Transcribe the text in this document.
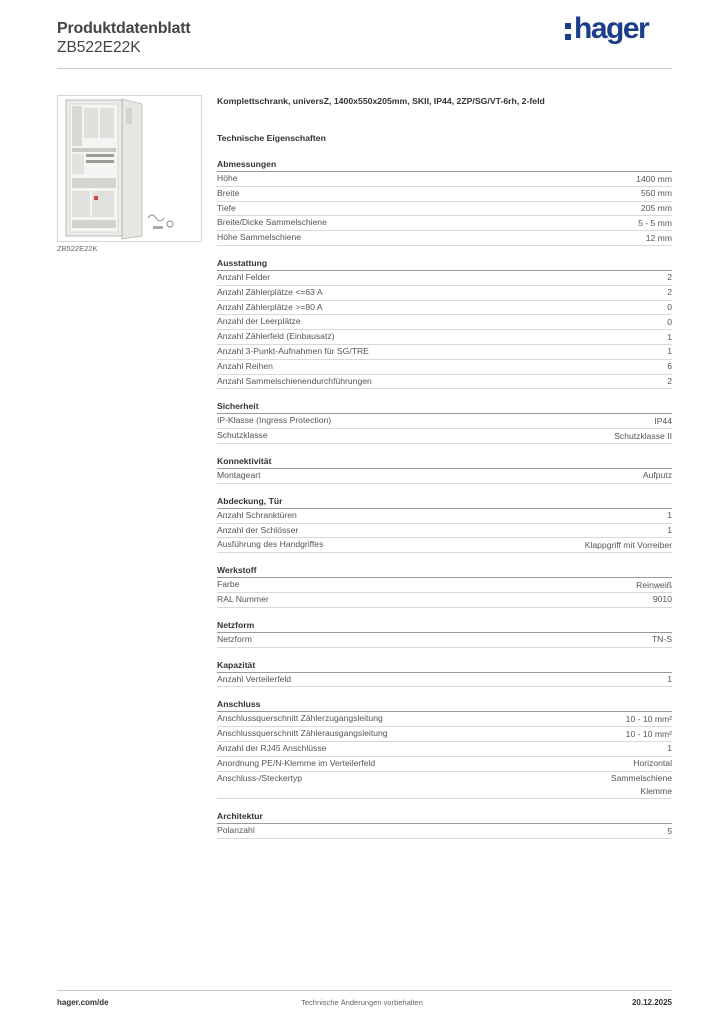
Produktdatenblatt
ZB522E22K
hager
ZB522E22K
Komplettschrank, universZ, 1400x550x205mm, SKII, IP44, 2ZP/SG/VT-6rh, 2-feld
Technische Eigenschaften
Abmessungen
Höhe	1400 mm
Breite	550 mm
Tiefe	205 mm
Breite/Dicke Sammelschiene	5 - 5 mm
Höhe Sammelschiene	12 mm
Ausstattung
Anzahl Felder	2
Anzahl Zählerplätze <=63 A	2
Anzahl Zählerplätze >=80 A	0
Anzahl der Leerplätze	0
Anzahl Zählerfeld (Einbausatz)	1
Anzahl 3-Punkt-Aufnahmen für SG/TRE	1
Anzahl Reihen	6
Anzahl Sammelschienendurchführungen	2
Sicherheit
IP-Klasse (Ingress Protection)	IP44
Schutzklasse	Schutzklasse II
Konnektivität
Montageart	Aufputz
Abdeckung, Tür
Anzahl Schranktüren	1
Anzahl der Schlösser	1
Ausführung des Handgriffes	Klappgriff mit Vorreiber
Werkstoff
Farbe	Reinweiß
RAL Nummer	9010
Netzform
Netzform	TN-S
Kapazität
Anzahl Verteilerfeld	1
Anschluss
Anschlussquerschnitt Zählerzugangsleitung	10 - 10 mm²
Anschlussquerschnitt Zählerausgangsleitung	10 - 10 mm²
Anzahl der RJ45 Anschlüsse	1
Anordnung PE/N-Klemme im Verteilerfeld	Horizontal
Anschluss-/Steckertyp	Sammelschiene
Klemme
Architektur
Polanzahl	5
hager.com/de	Technische Änderungen vorbehalten	20.12.2025
